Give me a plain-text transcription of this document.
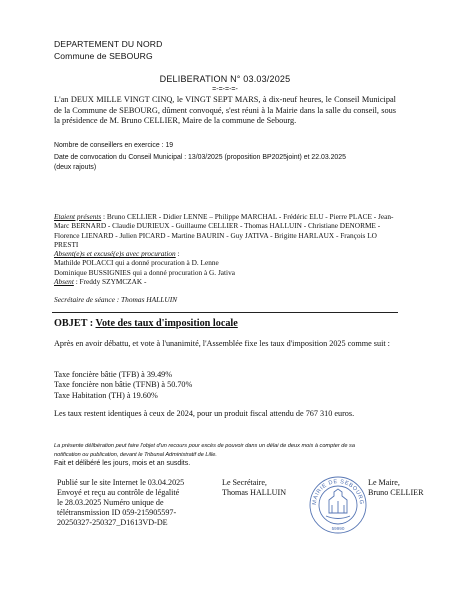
DEPARTEMENT DU NORD
Commune de SEBOURG
DELIBERATION N° 03.03/2025
=-=-=-=-
L'an DEUX MILLE VINGT CINQ, le VINGT SEPT MARS, à dix-neuf heures, le Conseil Municipal de la Commune de SEBOURG, dûment convoqué, s'est réuni à la Mairie dans la salle du conseil, sous la présidence de M. Bruno CELLIER, Maire de la commune de Sebourg.
Nombre de conseillers en exercice : 19
Date de convocation du Conseil Municipal : 13/03/2025 (proposition BP2025joint) et 22.03.2025
(deux rajouts)
Etaient présents : Bruno CELLIER - Didier LENNE – Philippe MARCHAL - Frédéric ELU - Pierre PLACE - Jean-Marc BERNARD - Claudie DURIEUX - Guillaume CELLIER - Thomas HALLUIN - Christiane DENORME - Florence LIENARD - Julien PICARD - Martine BAURIN - Guy JATIVA - Brigitte HARLAUX - François LO PRESTI
Absent(e)s et excusé(e)s avec procuration :
Mathilde POLACCI qui a donné procuration à D. Lenne
Dominique BUSSIGNIES qui a donné procuration à G. Jativa
Absent : Freddy SZYMCZAK -
Secrétaire de séance : Thomas HALLUIN
OBJET : Vote des taux d'imposition locale
Après en avoir débattu, et vote à l'unanimité, l'Assemblée fixe les taux d'imposition 2025 comme suit :
Taxe foncière bâtie (TFB) à 39.49%
Taxe foncière non bâtie (TFNB) à 50.70%
Taxe Habitation (TH) à 19.60%
Les taux restent identiques à ceux de 2024, pour un produit fiscal attendu de 767 310 euros.
La présente délibération peut faire l'objet d'un recours pour excès de pouvoir dans un délai de deux mois à compter de sa
notification ou publication, devant le Tribunal Administratif de Lille.
Fait et délibéré les jours, mois et an susdits.
Publié sur le site Internet le 03.04.2025
Envoyé et reçu au contrôle de légalité
le 28.03.2025 Numéro unique de
télétransmission ID 059-215905597-
20250327-250327_D1613VD-DE
Le Secrétaire,
Thomas HALLUIN
MAIRIE DE SEBOURG
59990
Le Maire,
Bruno CELLIER
